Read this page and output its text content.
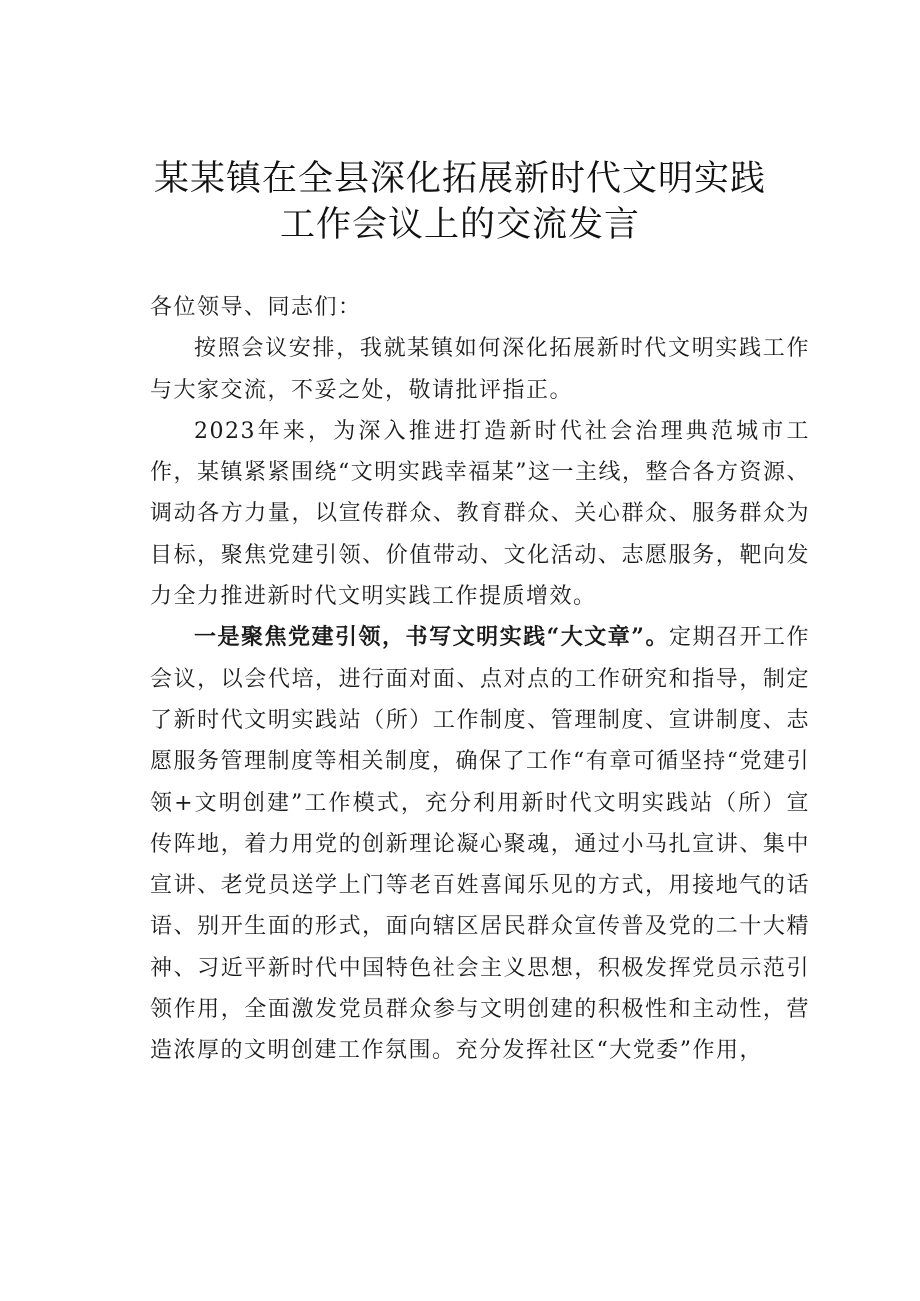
某某镇在全县深化拓展新时代文明实践
工作会议上的交流发言

各位领导、同志们：

按照会议安排，我就某镇如何深化拓展新时代文明实践工作与大家交流，不妥之处，敬请批评指正。

2023年来，为深入推进打造新时代社会治理典范城市工作，某镇紧紧围绕“文明实践幸福某”这一主线，整合各方资源、调动各方力量，以宣传群众、教育群众、关心群众、服务群众为目标，聚焦党建引领、价值带动、文化活动、志愿服务，靶向发力全力推进新时代文明实践工作提质增效。

一是聚焦党建引领，书写文明实践“大文章”。定期召开工作会议，以会代培，进行面对面、点对点的工作研究和指导，制定了新时代文明实践站（所）工作制度、管理制度、宣讲制度、志愿服务管理制度等相关制度，确保了工作“有章可循坚持“党建引领+文明创建”工作模式，充分利用新时代文明实践站（所）宣传阵地，着力用党的创新理论凝心聚魂，通过小马扎宣讲、集中宣讲、老党员送学上门等老百姓喜闻乐见的方式，用接地气的话语、别开生面的形式，面向辖区居民群众宣传普及党的二十大精神、习近平新时代中国特色社会主义思想，积极发挥党员示范引领作用，全面激发党员群众参与文明创建的积极性和主动性，营造浓厚的文明创建工作氛围。充分发挥社区“大党委”作用，
